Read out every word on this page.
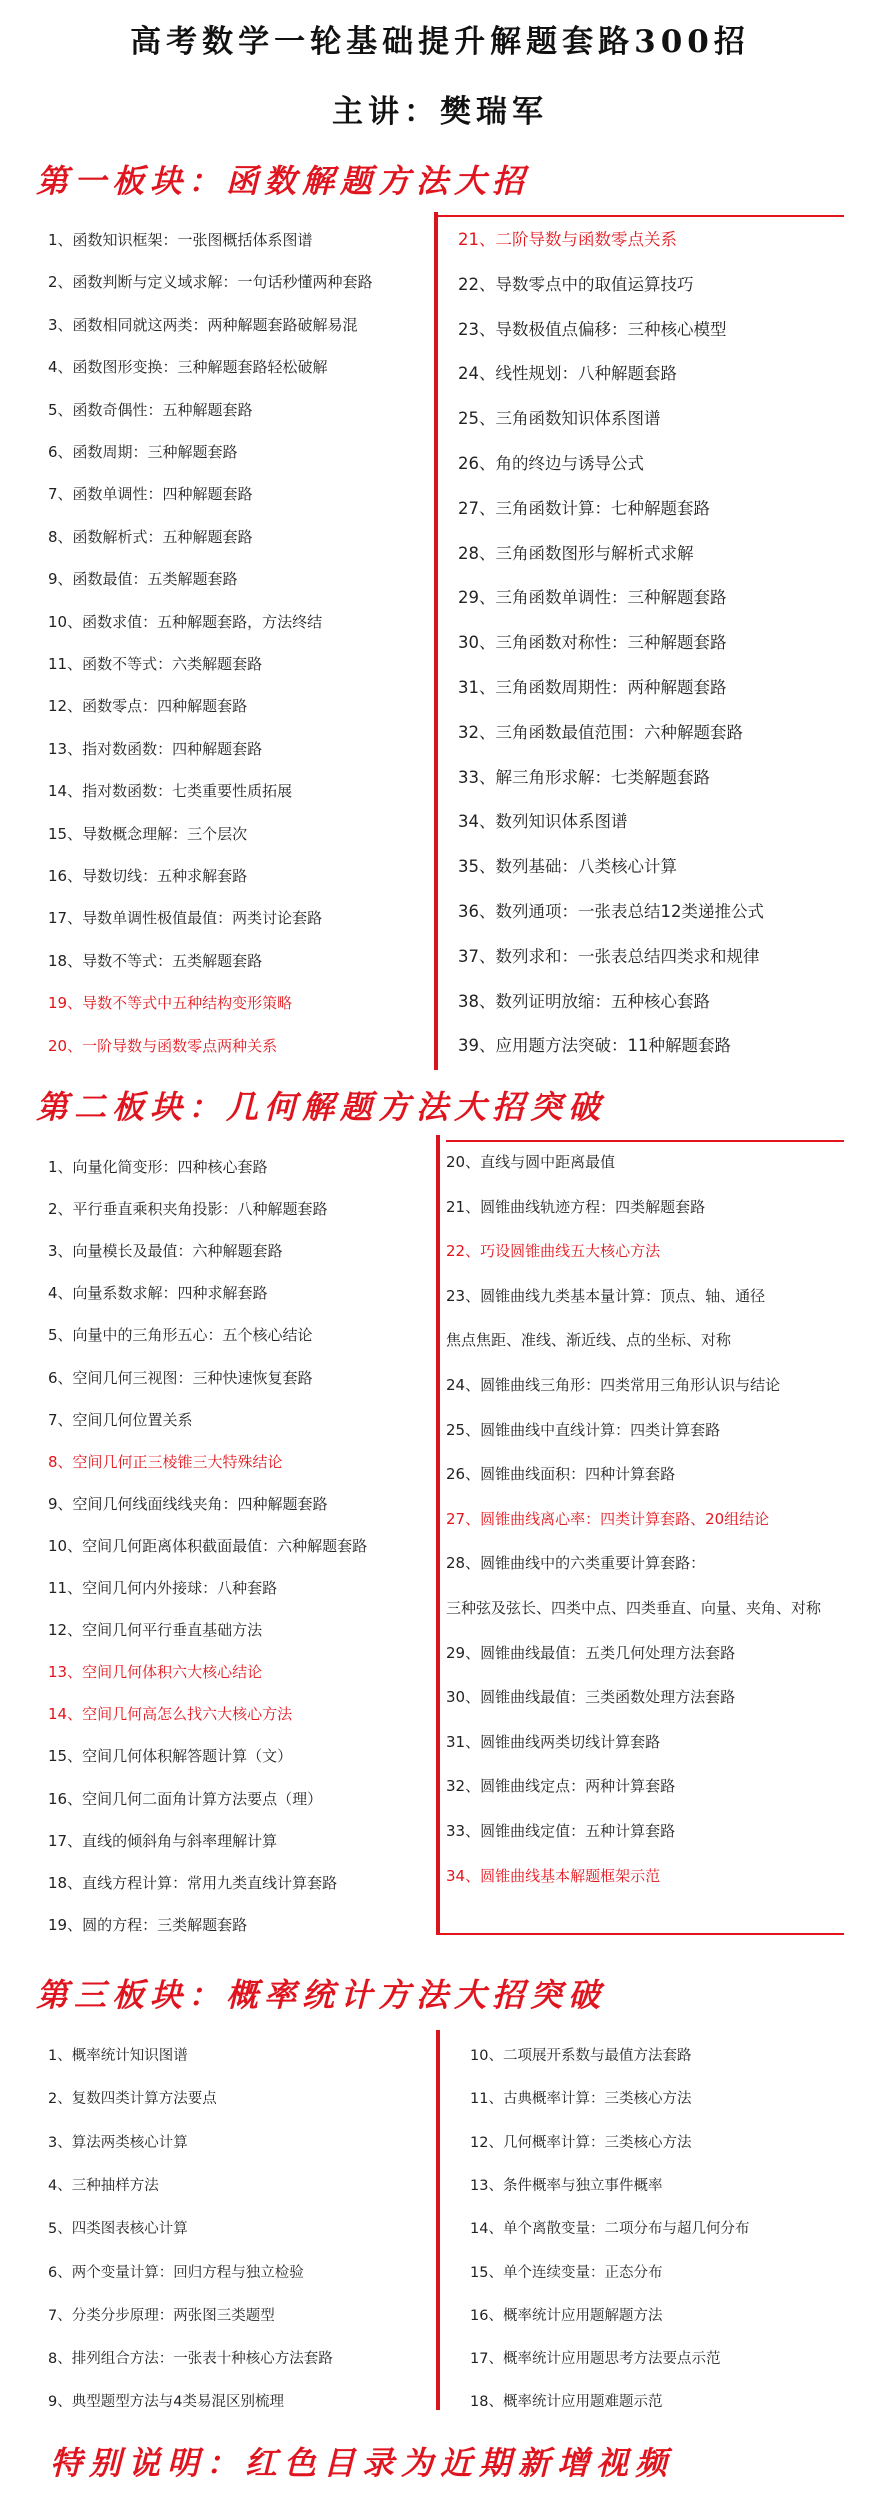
高考数学一轮基础提升解题套路300招
主讲：樊瑞军
第一板块：函数解题方法大招
1、函数知识框架：一张图概括体系图谱
2、函数判断与定义域求解：一句话秒懂两种套路
3、函数相同就这两类：两种解题套路破解易混
4、函数图形变换：三种解题套路轻松破解
5、函数奇偶性：五种解题套路
6、函数周期：三种解题套路
7、函数单调性：四种解题套路
8、函数解析式：五种解题套路
9、函数最值：五类解题套路
10、函数求值：五种解题套路，方法终结
11、函数不等式：六类解题套路
12、函数零点：四种解题套路
13、指对数函数：四种解题套路
14、指对数函数：七类重要性质拓展
15、导数概念理解：三个层次
16、导数切线：五种求解套路
17、导数单调性极值最值：两类讨论套路
18、导数不等式：五类解题套路
19、导数不等式中五种结构变形策略
20、一阶导数与函数零点两种关系
21、二阶导数与函数零点关系
22、导数零点中的取值运算技巧
23、导数极值点偏移：三种核心模型
24、线性规划：八种解题套路
25、三角函数知识体系图谱
26、角的终边与诱导公式
27、三角函数计算：七种解题套路
28、三角函数图形与解析式求解
29、三角函数单调性：三种解题套路
30、三角函数对称性：三种解题套路
31、三角函数周期性：两种解题套路
32、三角函数最值范围：六种解题套路
33、解三角形求解：七类解题套路
34、数列知识体系图谱
35、数列基础：八类核心计算
36、数列通项：一张表总结12类递推公式
37、数列求和：一张表总结四类求和规律
38、数列证明放缩：五种核心套路
39、应用题方法突破：11种解题套路
第二板块：几何解题方法大招突破
1、向量化简变形：四种核心套路
2、平行垂直乘积夹角投影：八种解题套路
3、向量模长及最值：六种解题套路
4、向量系数求解：四种求解套路
5、向量中的三角形五心：五个核心结论
6、空间几何三视图：三种快速恢复套路
7、空间几何位置关系
8、空间几何正三棱锥三大特殊结论
9、空间几何线面线线夹角：四种解题套路
10、空间几何距离体积截面最值：六种解题套路
11、空间几何内外接球：八种套路
12、空间几何平行垂直基础方法
13、空间几何体积六大核心结论
14、空间几何高怎么找六大核心方法
15、空间几何体积解答题计算（文）
16、空间几何二面角计算方法要点（理）
17、直线的倾斜角与斜率理解计算
18、直线方程计算：常用九类直线计算套路
19、圆的方程：三类解题套路
20、直线与圆中距离最值
21、圆锥曲线轨迹方程：四类解题套路
22、巧设圆锥曲线五大核心方法
23、圆锥曲线九类基本量计算：顶点、轴、通径
焦点焦距、准线、渐近线、点的坐标、对称
24、圆锥曲线三角形：四类常用三角形认识与结论
25、圆锥曲线中直线计算：四类计算套路
26、圆锥曲线面积：四种计算套路
27、圆锥曲线离心率：四类计算套路、20组结论
28、圆锥曲线中的六类重要计算套路：
三种弦及弦长、四类中点、四类垂直、向量、夹角、对称
29、圆锥曲线最值：五类几何处理方法套路
30、圆锥曲线最值：三类函数处理方法套路
31、圆锥曲线两类切线计算套路
32、圆锥曲线定点：两种计算套路
33、圆锥曲线定值：五种计算套路
34、圆锥曲线基本解题框架示范
第三板块：概率统计方法大招突破
1、概率统计知识图谱
2、复数四类计算方法要点
3、算法两类核心计算
4、三种抽样方法
5、四类图表核心计算
6、两个变量计算：回归方程与独立检验
7、分类分步原理：两张图三类题型
8、排列组合方法：一张表十种核心方法套路
9、典型题型方法与4类易混区别梳理
10、二项展开系数与最值方法套路
11、古典概率计算：三类核心方法
12、几何概率计算：三类核心方法
13、条件概率与独立事件概率
14、单个离散变量：二项分布与超几何分布
15、单个连续变量：正态分布
16、概率统计应用题解题方法
17、概率统计应用题思考方法要点示范
18、概率统计应用题难题示范
特别说明：红色目录为近期新增视频
